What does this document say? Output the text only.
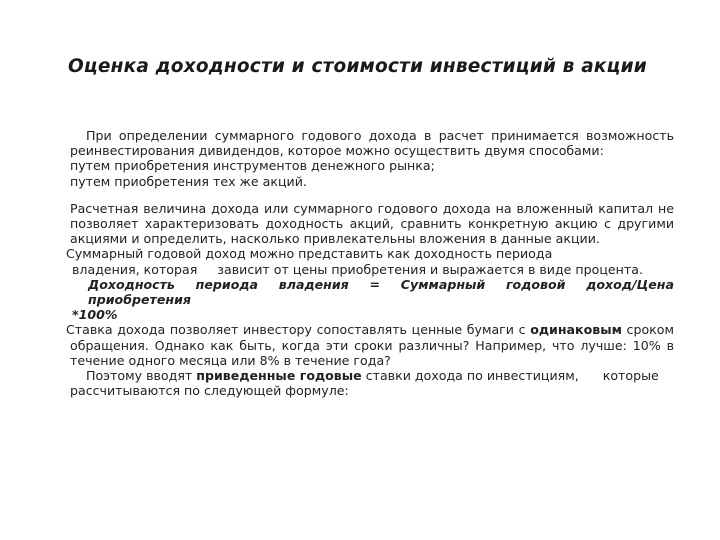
Оценка доходности и стоимости инвестиций в акции
При определении суммарного годового дохода в расчет принимается возможность
реинвестирования дивидендов, которое можно осуществить двумя способами:
путем приобретения инструментов денежного рынка;
путем приобретения тех же акций.
Расчетная величина дохода или суммарного годового дохода на вложенный капитал не
позволяет характеризовать доходность акций, сравнить конкретную акцию с другими
акциями и определить, насколько привлекательны вложения в данные акции.
Суммарный годовой доход можно представить как доходность периода
владения, которая     зависит от цены приобретения и выражается в виде процента.
Доходность периода владения = Суммарный годовой доход/Цена приобретения
*100%
Ставка дохода позволяет инвестору сопоставлять ценные бумаги с одинаковым сроком
обращения. Однако как быть, когда эти сроки различны? Например, что лучше: 10% в
течение одного месяца или 8% в течение года?
Поэтому вводят приведенные годовые ставки дохода по инвестициям,      которые
рассчитываются по следующей формуле:
